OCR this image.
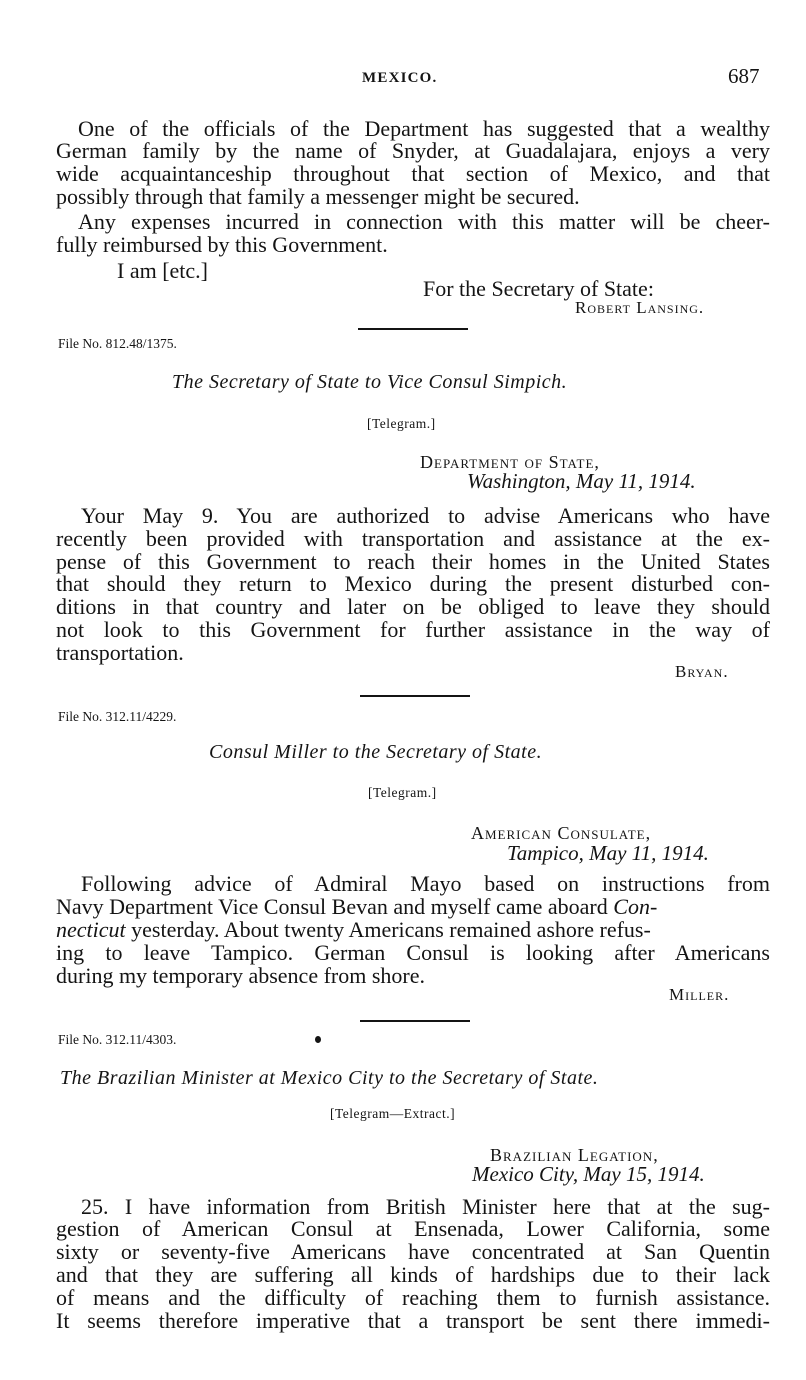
MEXICO.	687
One of the officials of the Department has suggested that a wealthy
German family by the name of Snyder, at Guadalajara, enjoys a very
wide acquaintanceship throughout that section of Mexico, and that
possibly through that family a messenger might be secured.
Any expenses incurred in connection with this matter will be cheer-
fully reimbursed by this Government.
I am [etc.]
For the Secretary of State:
Robert Lansing.
File No. 812.48/1375.
The Secretary of State to Vice Consul Simpich.
[Telegram.]
Department of State,
Washington, May 11, 1914.
Your May 9. You are authorized to advise Americans who have
recently been provided with transportation and assistance at the ex-
pense of this Government to reach their homes in the United States
that should they return to Mexico during the present disturbed con-
ditions in that country and later on be obliged to leave they should
not look to this Government for further assistance in the way of
transportation.
Bryan.
File No. 312.11/4229.
Consul Miller to the Secretary of State.
[Telegram.]
American Consulate,
Tampico, May 11, 1914.
Following advice of Admiral Mayo based on instructions from
Navy Department Vice Consul Bevan and myself came aboard Con-
necticut yesterday. About twenty Americans remained ashore refus-
ing to leave Tampico. German Consul is looking after Americans
during my temporary absence from shore.
Miller.
File No. 312.11/4303.
The Brazilian Minister at Mexico City to the Secretary of State.
[Telegram—Extract.]
Brazilian Legation,
Mexico City, May 15, 1914.
25. I have information from British Minister here that at the sug-
gestion of American Consul at Ensenada, Lower California, some
sixty or seventy-five Americans have concentrated at San Quentin
and that they are suffering all kinds of hardships due to their lack
of means and the difficulty of reaching them to furnish assistance.
It seems therefore imperative that a transport be sent there immedi-
